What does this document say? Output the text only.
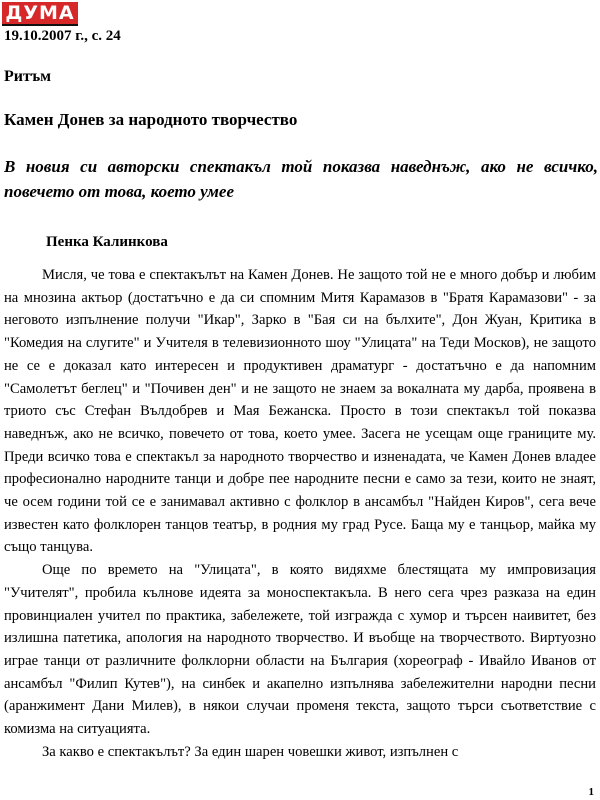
ДУМА
19.10.2007 г., с. 24
Ритъм
Камен Донев за народното творчество
В новия си авторски спектакъл той показва наведнъж, ако не всичко, повечето от това, което умее
Пенка Калинкова

Мисля, че това е спектакълът на Камен Донев. Не защото той не е много добър и любим на мнозина актьор (достатъчно е да си спомним Митя Карамазов в "Братя Карамазови" - за неговото изпълнение получи "Икар", Зарко в "Бая си на бълхите", Дон Жуан, Критика в "Комедия на слугите" и Учителя в телевизионното шоу "Улицата" на Теди Москов), не защото не се е доказал като интересен и продуктивен драматург - достатъчно е да напомним "Самолетът беглец" и "Почивен ден" и не защото не знаем за вокалната му дарба, проявена в триото със Стефан Вълдобрев и Мая Бежанска. Просто в този спектакъл той показва наведнъж, ако не всичко, повечето от това, което умее. Засега не усещам още границите му. Преди всичко това е спектакъл за народното творчество и изненадата, че Камен Донев владее професионално народните танци и добре пее народните песни е само за тези, които не знаят, че осем години той се е занимавал активно с фолклор в ансамбъл "Найден Киров", сега вече известен като фолклорен танцов театър, в родния му град Русе. Баща му е танцьор, майка му също танцува.

Още по времето на "Улицата", в която видяхме блестящата му импровизация "Учителят", пробила кълнове идеята за моноспектакъла. В него сега чрез разказа на един провинциален учител по практика, забележете, той изгражда с хумор и търсен наивитет, без излишна патетика, апология на народното творчество. И въобще на творчеството. Виртуозно играе танци от различните фолклорни области на България (хореограф - Ивайло Иванов от ансамбъл "Филип Кутев"), на синбек и акапелно изпълнява забележителни народни песни (аранжимент Дани Милев), в някои случаи променя текста, защото търси съответствие с комизма на ситуацията.

За какво е спектакълът? За един шарен човешки живот, изпълнен с

1
